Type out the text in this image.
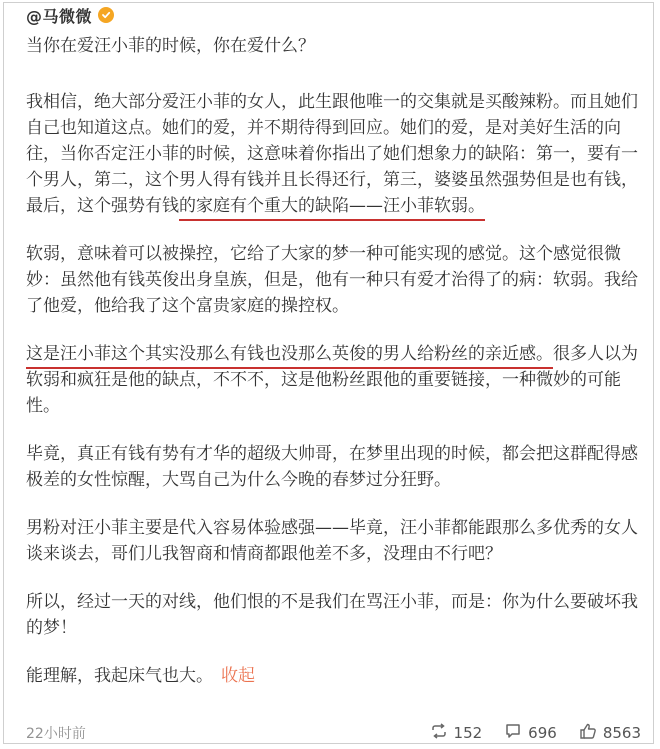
@马微微

当你在爱汪小菲的时候，你在爱什么？

我相信，绝大部分爱汪小菲的女人，此生跟他唯一的交集就是买酸辣粉。而且她们自己也知道这点。她们的爱，并不期待得到回应。她们的爱，是对美好生活的向往，当你否定汪小菲的时候，这意味着你指出了她们想象力的缺陷：第一，要有一个男人，第二，这个男人得有钱并且长得还行，第三，婆婆虽然强势但是也有钱，最后，这个强势有钱的家庭有个重大的缺陷——汪小菲软弱。

软弱，意味着可以被操控，它给了大家的梦一种可能实现的感觉。这个感觉很微妙：虽然他有钱英俊出身皇族，但是，他有一种只有爱才治得了的病：软弱。我给了他爱，他给我了这个富贵家庭的操控权。

这是汪小菲这个其实没那么有钱也没那么英俊的男人给粉丝的亲近感。很多人以为软弱和疯狂是他的缺点，不不不，这是他粉丝跟他的重要链接，一种微妙的可能性。

毕竟，真正有钱有势有才华的超级大帅哥，在梦里出现的时候，都会把这群配得感极差的女性惊醒，大骂自己为什么今晚的春梦过分狂野。

男粉对汪小菲主要是代入容易体验感强——毕竟，汪小菲都能跟那么多优秀的女人谈来谈去，哥们儿我智商和情商都跟他差不多，没理由不行吧？

所以，经过一天的对线，他们恨的不是我们在骂汪小菲，而是：你为什么要破坏我的梦！

能理解，我起床气也大。 收起

22小时前	152	696	8563
